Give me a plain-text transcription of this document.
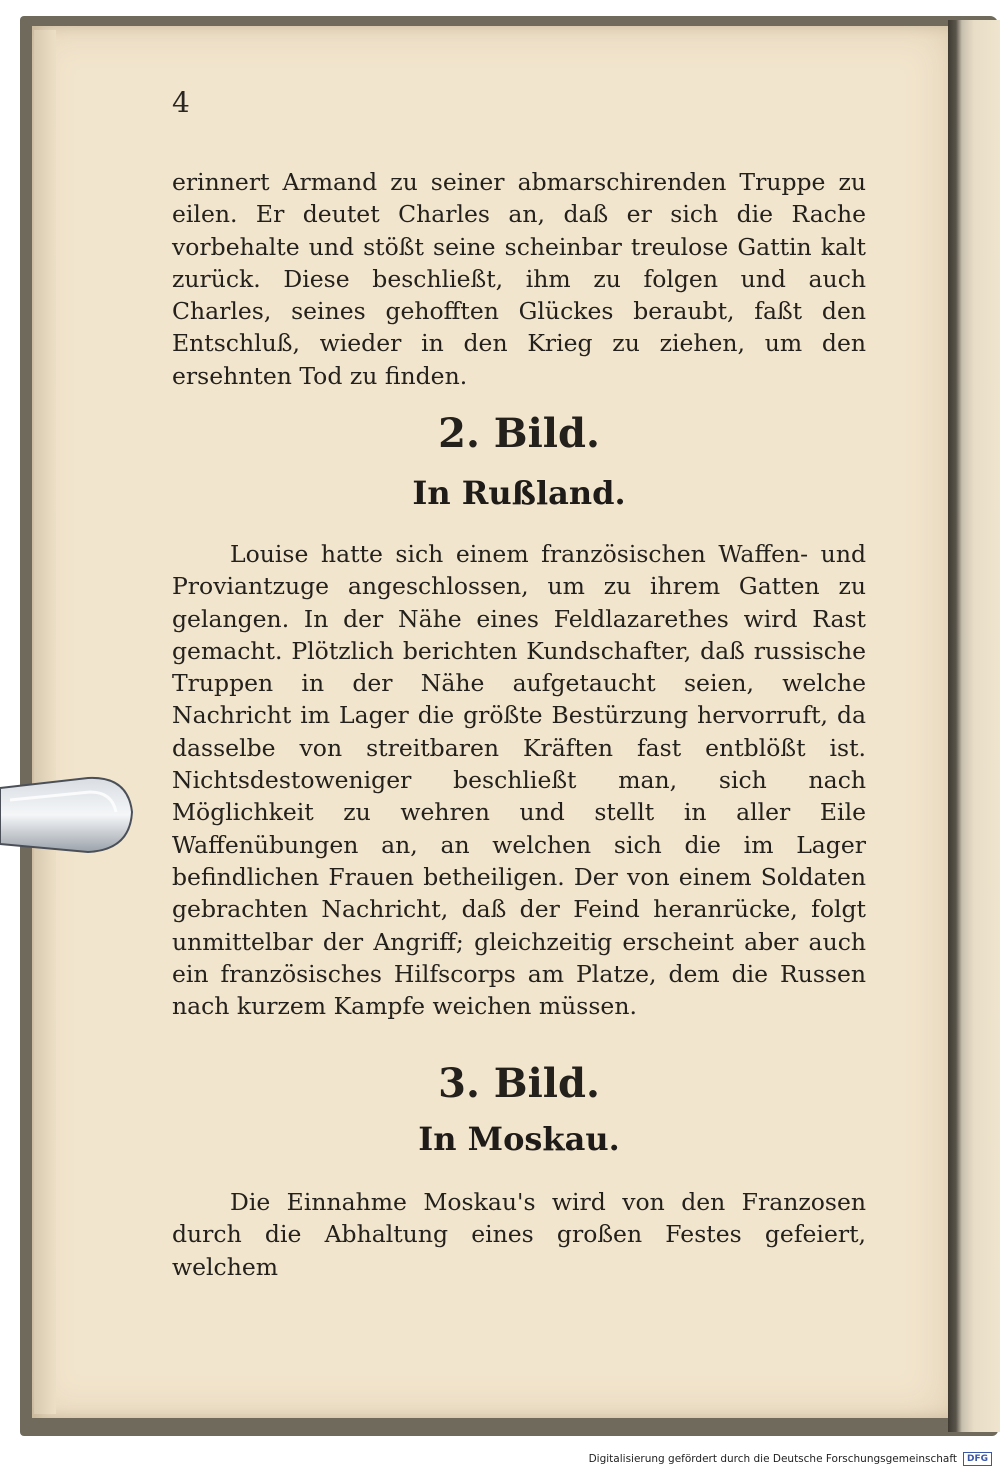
4

erinnert Armand zu seiner abmarschirenden Truppe zu eilen. Er deutet Charles an, daß er sich die Rache vorbehalte und stößt seine scheinbar treulose Gattin kalt zurück. Diese beschließt, ihm zu folgen und auch Charles, seines gehofften Glückes beraubt, faßt den Entschluß, wieder in den Krieg zu ziehen, um den ersehnten Tod zu finden.

2. Bild.
In Rußland.

Louise hatte sich einem französischen Waffen- und Proviantzuge angeschlossen, um zu ihrem Gatten zu gelangen. In der Nähe eines Feldlazarethes wird Rast gemacht. Plötzlich berichten Kundschafter, daß russische Truppen in der Nähe aufgetaucht seien, welche Nachricht im Lager die größte Bestürzung hervorruft, da dasselbe von streitbaren Kräften fast entblößt ist. Nichtsdestoweniger beschließt man, sich nach Möglichkeit zu wehren und stellt in aller Eile Waffenübungen an, an welchen sich die im Lager befindlichen Frauen betheiligen. Der von einem Soldaten gebrachten Nachricht, daß der Feind heranrücke, folgt unmittelbar der Angriff; gleichzeitig erscheint aber auch ein französisches Hilfscorps am Platze, dem die Russen nach kurzem Kampfe weichen müssen.

3. Bild.
In Moskau.

Die Einnahme Moskau's wird von den Franzosen durch die Abhaltung eines großen Festes gefeiert, welchem

Digitalisierung gefördert durch die Deutsche Forschungsgemeinschaft	DFG
